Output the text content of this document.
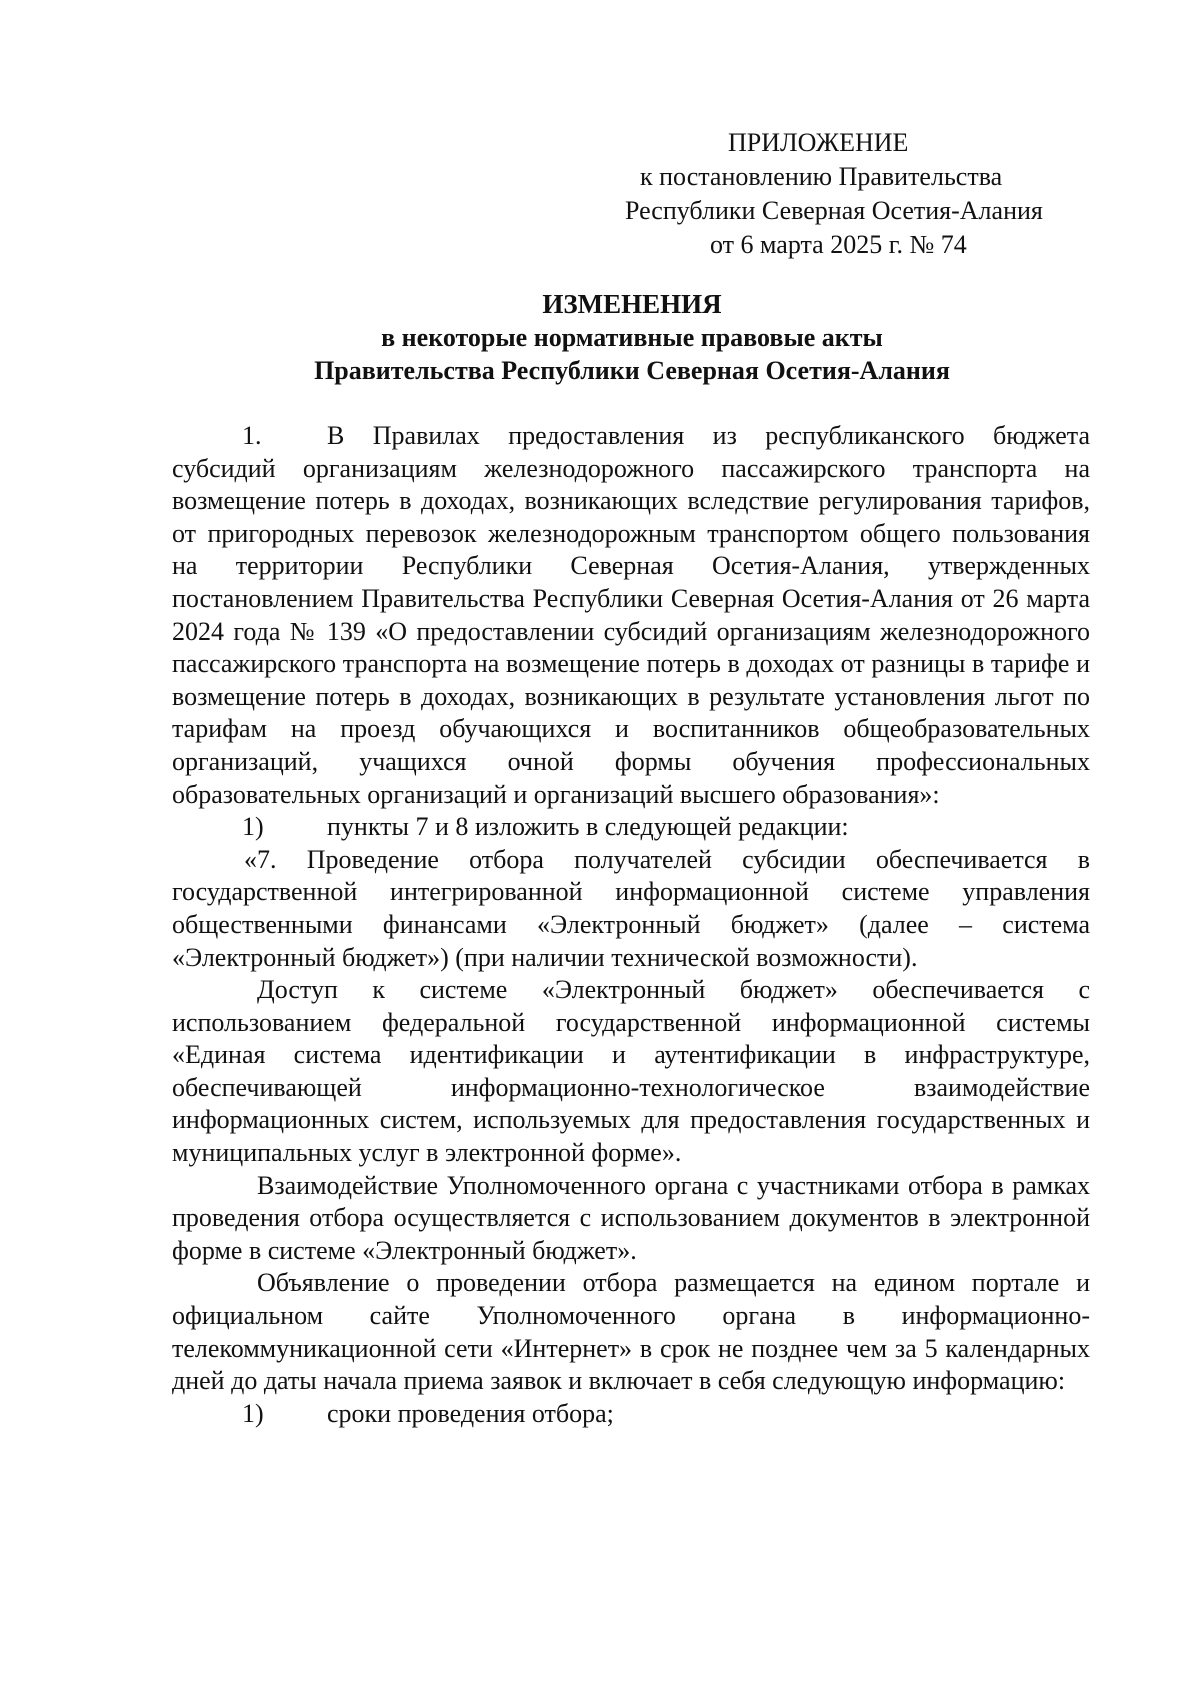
ПРИЛОЖЕНИЕ
к постановлению Правительства
Республики Северная Осетия-Алания
от 6 марта 2025 г. № 74
ИЗМЕНЕНИЯ
в некоторые нормативные правовые акты
Правительства Республики Северная Осетия-Алания

1.	В Правилах предоставления из республиканского бюджета субсидий организациям железнодорожного пассажирского транспорта на возмещение потерь в доходах, возникающих вследствие регулирования тарифов, от пригородных перевозок железнодорожным транспортом общего пользования на территории Республики Северная Осетия-Алания, утвержденных постановлением Правительства Республики Северная Осетия-Алания от 26 марта 2024 года № 139 «О предоставлении субсидий организациям железнодорожного пассажирского транспорта на возмещение потерь в доходах от разницы в тарифе и возмещение потерь в доходах, возникающих в результате установления льгот по тарифам на проезд обучающихся и воспитанников общеобразовательных организаций, учащихся очной формы обучения профессиональных образовательных организаций и организаций высшего образования»:

1) пункты 7 и 8 изложить в следующей редакции:

«7. Проведение отбора получателей субсидии обеспечивается в государственной интегрированной информационной системе управления общественными финансами «Электронный бюджет» (далее – система «Электронный бюджет») (при наличии технической возможности).

Доступ к системе «Электронный бюджет» обеспечивается с использованием федеральной государственной информационной системы «Единая система идентификации и аутентификации в инфраструктуре, обеспечивающей информационно-технологическое взаимодействие информационных систем, используемых для предоставления государственных и муниципальных услуг в электронной форме».

Взаимодействие Уполномоченного органа с участниками отбора в рамках проведения отбора осуществляется с использованием документов в электронной форме в системе «Электронный бюджет».

Объявление о проведении отбора размещается на едином портале и официальном сайте Уполномоченного органа в информационно-телекоммуникационной сети «Интернет» в срок не позднее чем за 5 календарных дней до даты начала приема заявок и включает в себя следующую информацию:

1) сроки проведения отбора;
